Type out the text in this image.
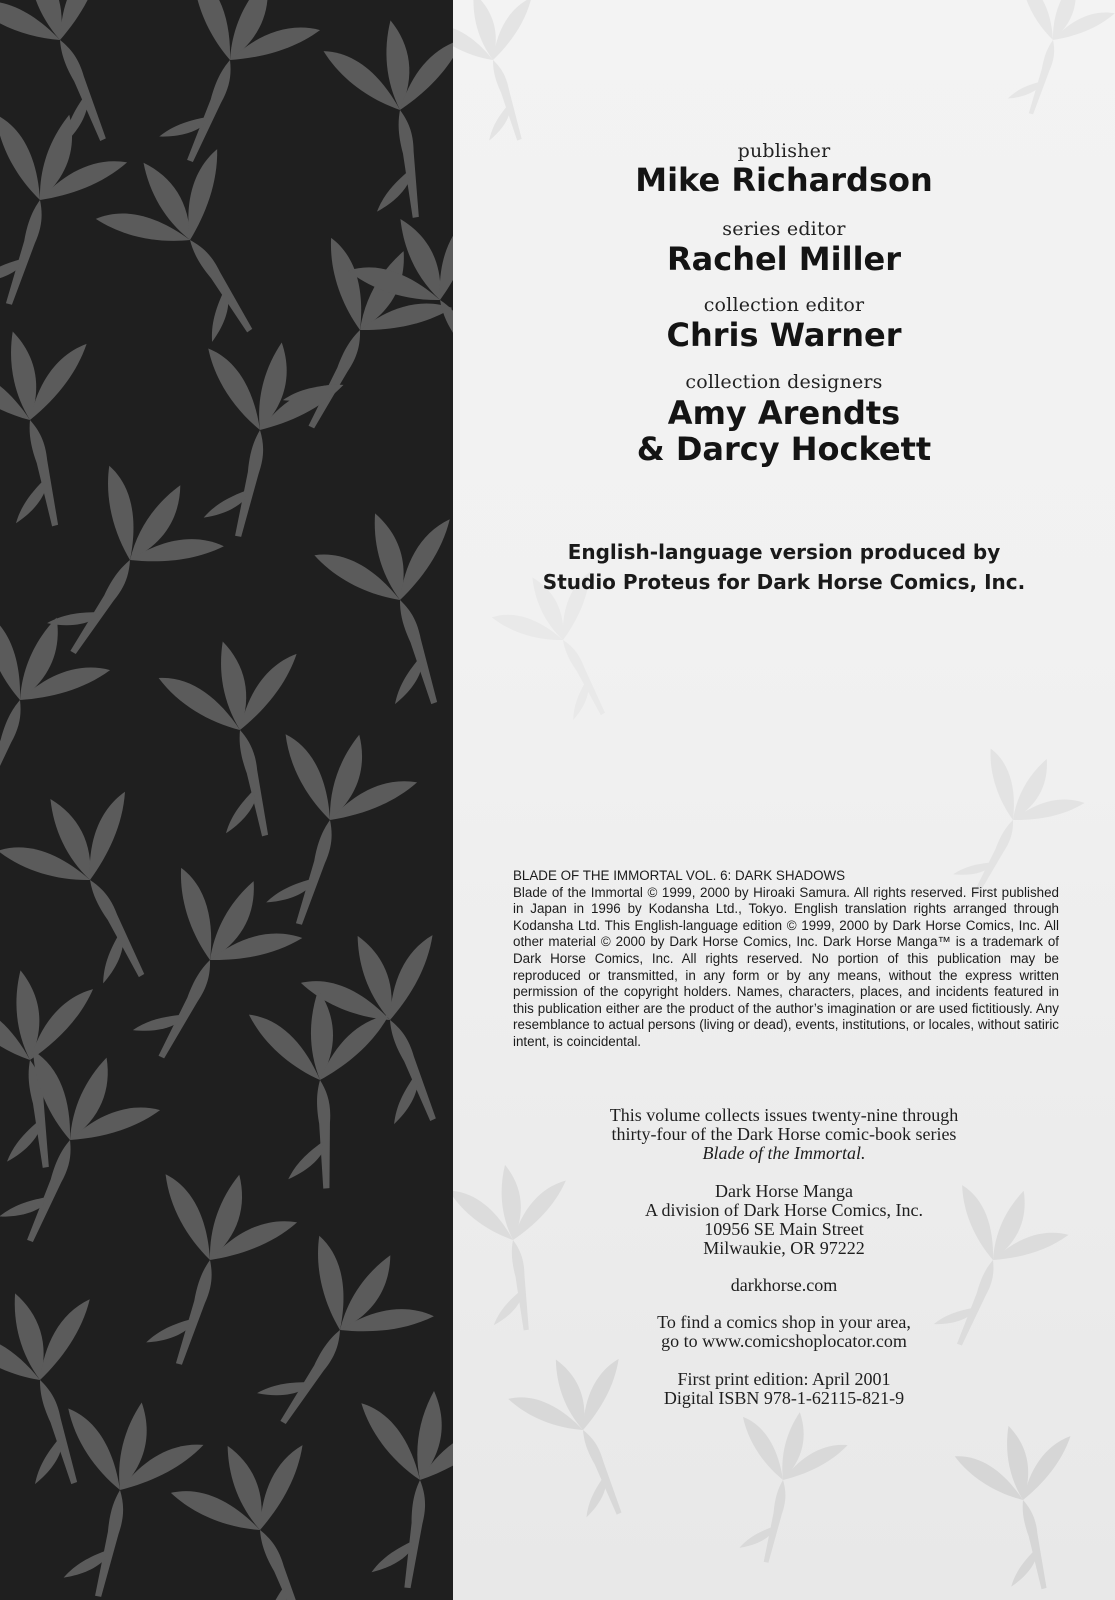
publisher
Mike Richardson
series editor
Rachel Miller
collection editor
Chris Warner
collection designers
Amy Arendts
& Darcy Hockett
English-language version produced by
Studio Proteus for Dark Horse Comics, Inc.
BLADE OF THE IMMORTAL VOL. 6: DARK SHADOWS
Blade of the Immortal © 1999, 2000 by Hiroaki Samura. All rights reserved. First published in Japan in 1996 by Kodansha Ltd., Tokyo. English translation rights arranged through Kodansha Ltd. This English-language edition © 1999, 2000 by Dark Horse Comics, Inc. All other material © 2000 by Dark Horse Comics, Inc. Dark Horse Manga™ is a trademark of Dark Horse Comics, Inc. All rights reserved. No portion of this publication may be reproduced or transmitted, in any form or by any means, without the express written permission of the copyright holders. Names, characters, places, and incidents featured in this publication either are the product of the author’s imagination or are used fictitiously. Any resemblance to actual persons (living or dead), events, institutions, or locales, without satiric intent, is coincidental.
This volume collects issues twenty-nine through
thirty-four of the Dark Horse comic-book series
Blade of the Immortal.
Dark Horse Manga
A division of Dark Horse Comics, Inc.
10956 SE Main Street
Milwaukie, OR 97222
darkhorse.com
To find a comics shop in your area,
go to www.comicshoplocator.com
First print edition: April 2001
Digital ISBN 978-1-62115-821-9
